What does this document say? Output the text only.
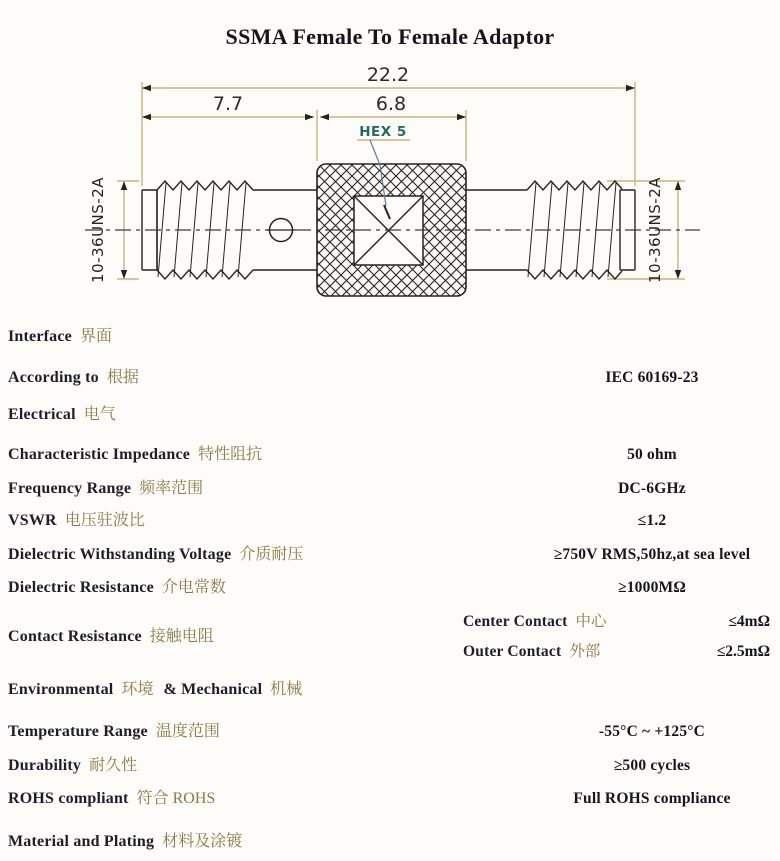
SSMA Female To Female Adaptor
22.2
7.7	6.8
HEX 5
10-36UNS-2A	10-36UNS-2A
Interface 界面
According to 根据	IEC 60169-23
Electrical 电气
Characteristic Impedance 特性阻抗	50 ohm
Frequency Range 频率范围	DC-6GHz
VSWR 电压驻波比	≤1.2
Dielectric Withstanding Voltage 介质耐压	≥750V RMS,50hz,at sea level
Dielectric Resistance 介电常数	≥1000MΩ
Contact Resistance 接触电阻
Center Contact 中心	≤4mΩ
Outer Contact 外部	≤2.5mΩ
Environmental 环境 & Mechanical 机械
Temperature Range 温度范围	-55°C ~ +125°C
Durability 耐久性	≥500 cycles
ROHS compliant 符合 ROHS	Full ROHS compliance
Material and Plating 材料及涂镀
